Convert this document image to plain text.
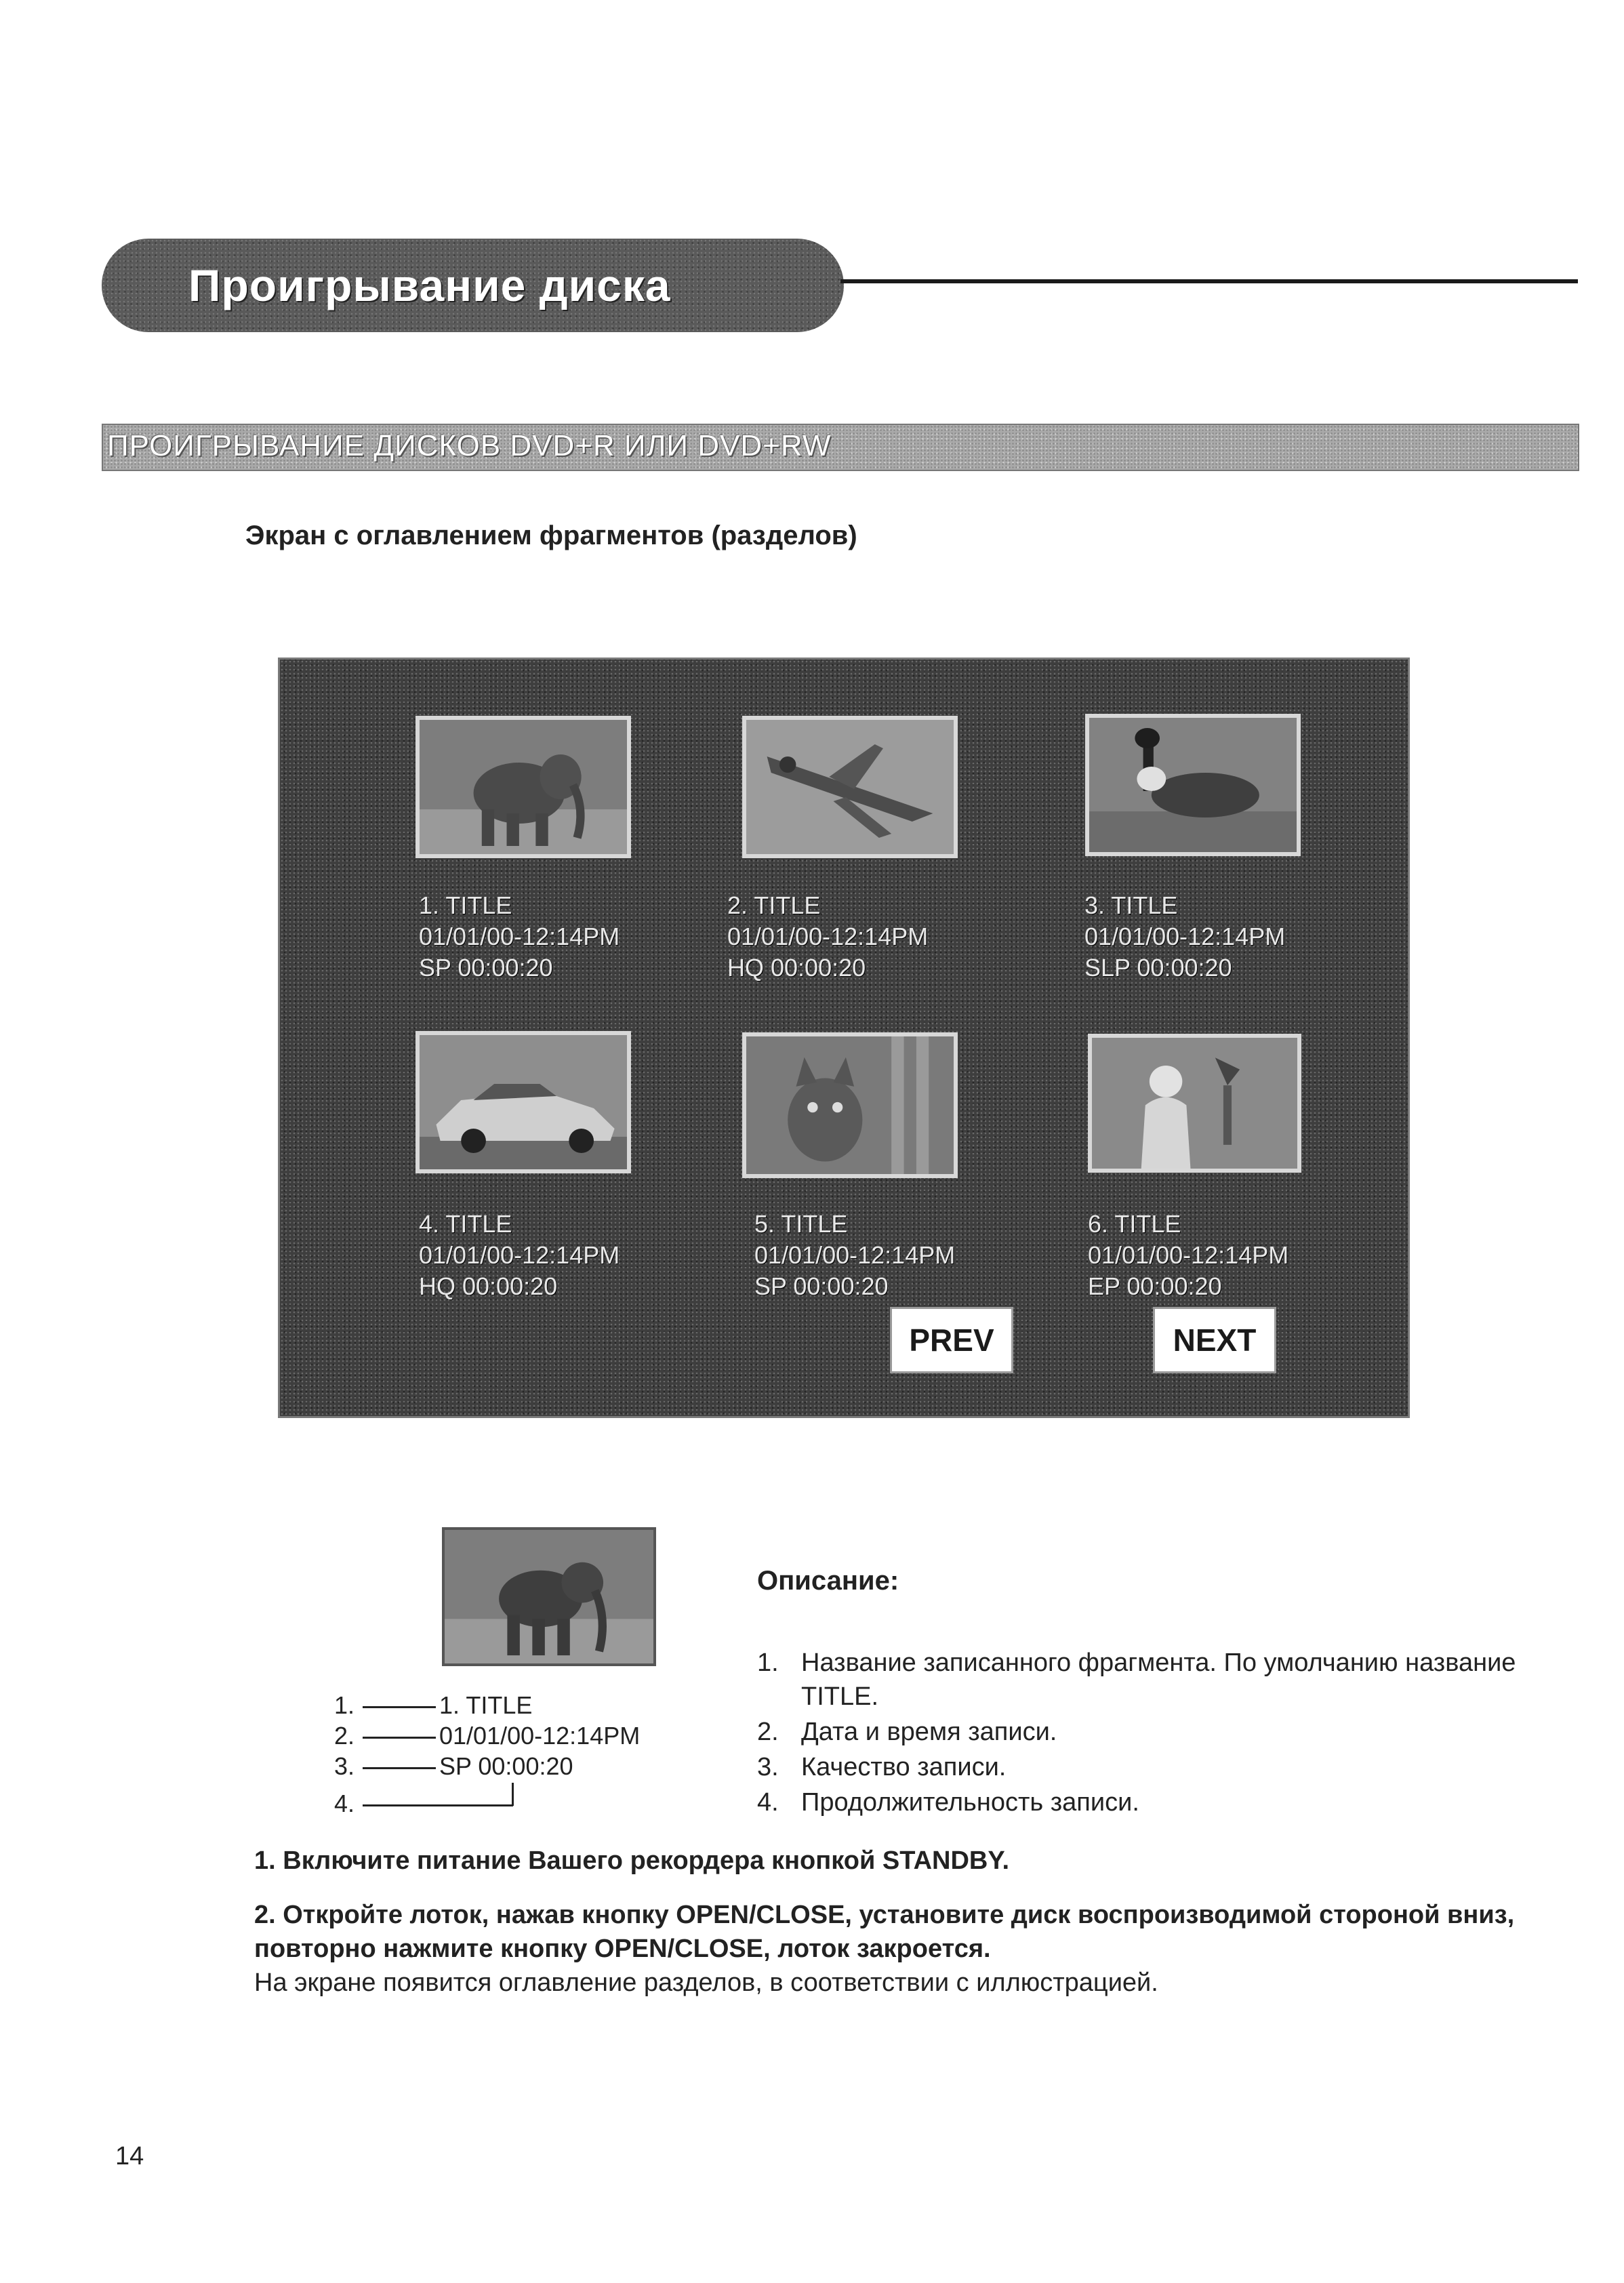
Проигрывание диска
ПРОИГРЫВАНИЕ ДИСКОВ DVD+R ИЛИ DVD+RW
Экран с оглавлением фрагментов (разделов)
1. TITLE
01/01/00-12:14PM
SP 00:00:20
2. TITLE
01/01/00-12:14PM
HQ 00:00:20
3. TITLE
01/01/00-12:14PM
SLP 00:00:20
4. TITLE
01/01/00-12:14PM
HQ 00:00:20
5. TITLE
01/01/00-12:14PM
SP 00:00:20
6. TITLE
01/01/00-12:14PM
EP 00:00:20
PREV	NEXT
1.	1. TITLE
2.	01/01/00-12:14PM
3.	SP 00:00:20
4.
Описание:
1. Название записанного фрагмента. По умолчанию название TITLE.
2. Дата и время записи.
3. Качество записи.
4. Продолжительность записи.
1. Включите питание Вашего рекордера кнопкой STANDBY.
2. Откройте лоток, нажав кнопку OPEN/CLOSE, установите диск воспроизводимой стороной вниз, повторно нажмите кнопку OPEN/CLOSE, лоток закроется.
На экране появится оглавление разделов, в соответствии с иллюстрацией.
14
